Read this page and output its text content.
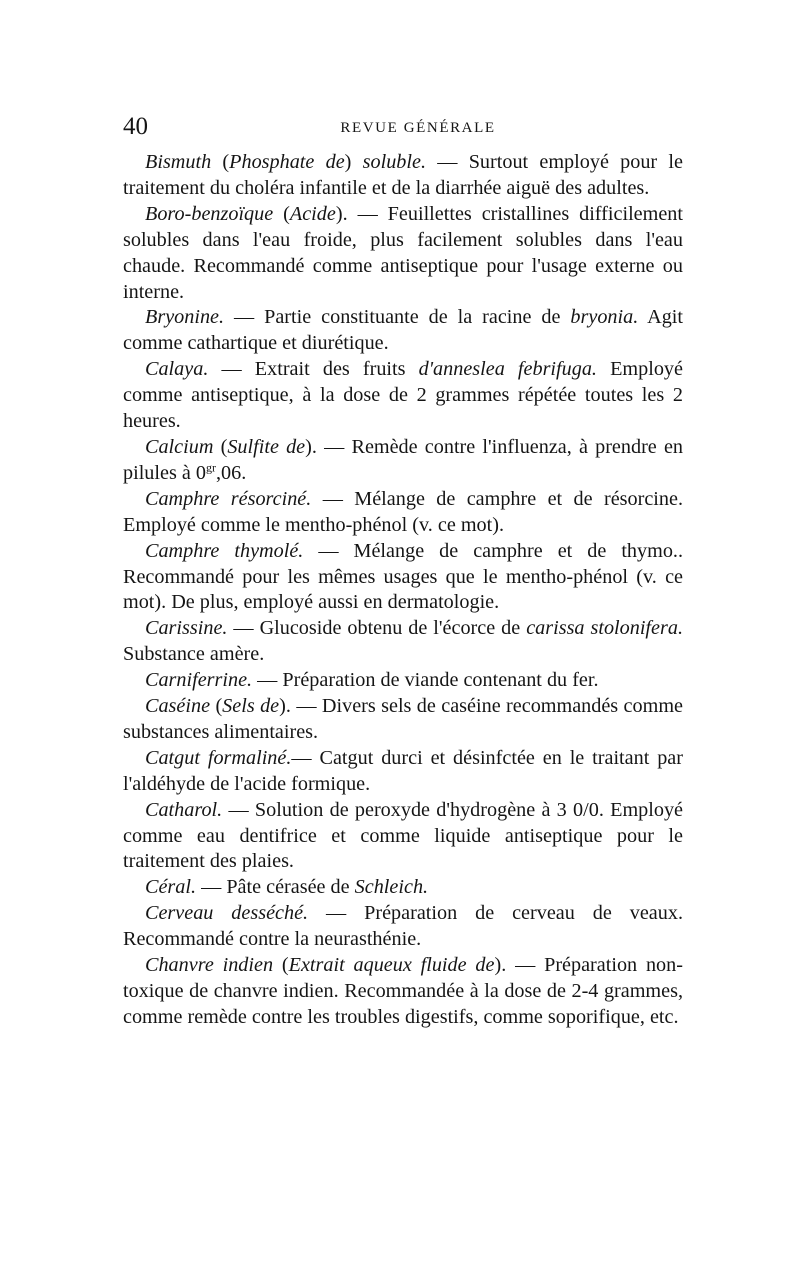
40	REVUE GÉNÉRALE

Bismuth (Phosphate de) soluble. — Surtout employé pour le traitement du choléra infantile et de la diarrhée aiguë des adultes.

Boro-benzoïque (Acide). — Feuillettes cristallines difficilement solubles dans l'eau froide, plus facilement solubles dans l'eau chaude. Recommandé comme antiseptique pour l'usage externe ou interne.

Bryonine. — Partie constituante de la racine de bryonia. Agit comme cathartique et diurétique.

Calaya. — Extrait des fruits d'anneslea febrifuga. Employé comme antiseptique, à la dose de 2 grammes répétée toutes les 2 heures.

Calcium (Sulfite de). — Remède contre l'influenza, à prendre en pilules à $0^{gr},06$.

Camphre résorciné. — Mélange de camphre et de résorcine. Employé comme le mentho-phénol (v. ce mot).

Camphre thymolé. — Mélange de camphre et de thymo.. Recommandé pour les mêmes usages que le mentho-phénol (v. ce mot). De plus, employé aussi en dermatologie.

Carissine. — Glucoside obtenu de l'écorce de carissa stolonifera. Substance amère.

Carniferrine. — Préparation de viande contenant du fer.

Caséine (Sels de). — Divers sels de caséine recommandés comme substances alimentaires.

Catgut formaliné.— Catgut durci et désinfctée en le traitant par l'aldéhyde de l'acide formique.

Catharol. — Solution de peroxyde d'hydrogène à 3 0/0. Employé comme eau dentifrice et comme liquide antiseptique pour le traitement des plaies.

Céral. — Pâte cérasée de Schleich.

Cerveau desséché. — Préparation de cerveau de veaux. Recommandé contre la neurasthénie.

Chanvre indien (Extrait aqueux fluide de). — Préparation non-toxique de chanvre indien. Recommandée à la dose de 2-4 grammes, comme remède contre les troubles digestifs, comme soporifique, etc.
